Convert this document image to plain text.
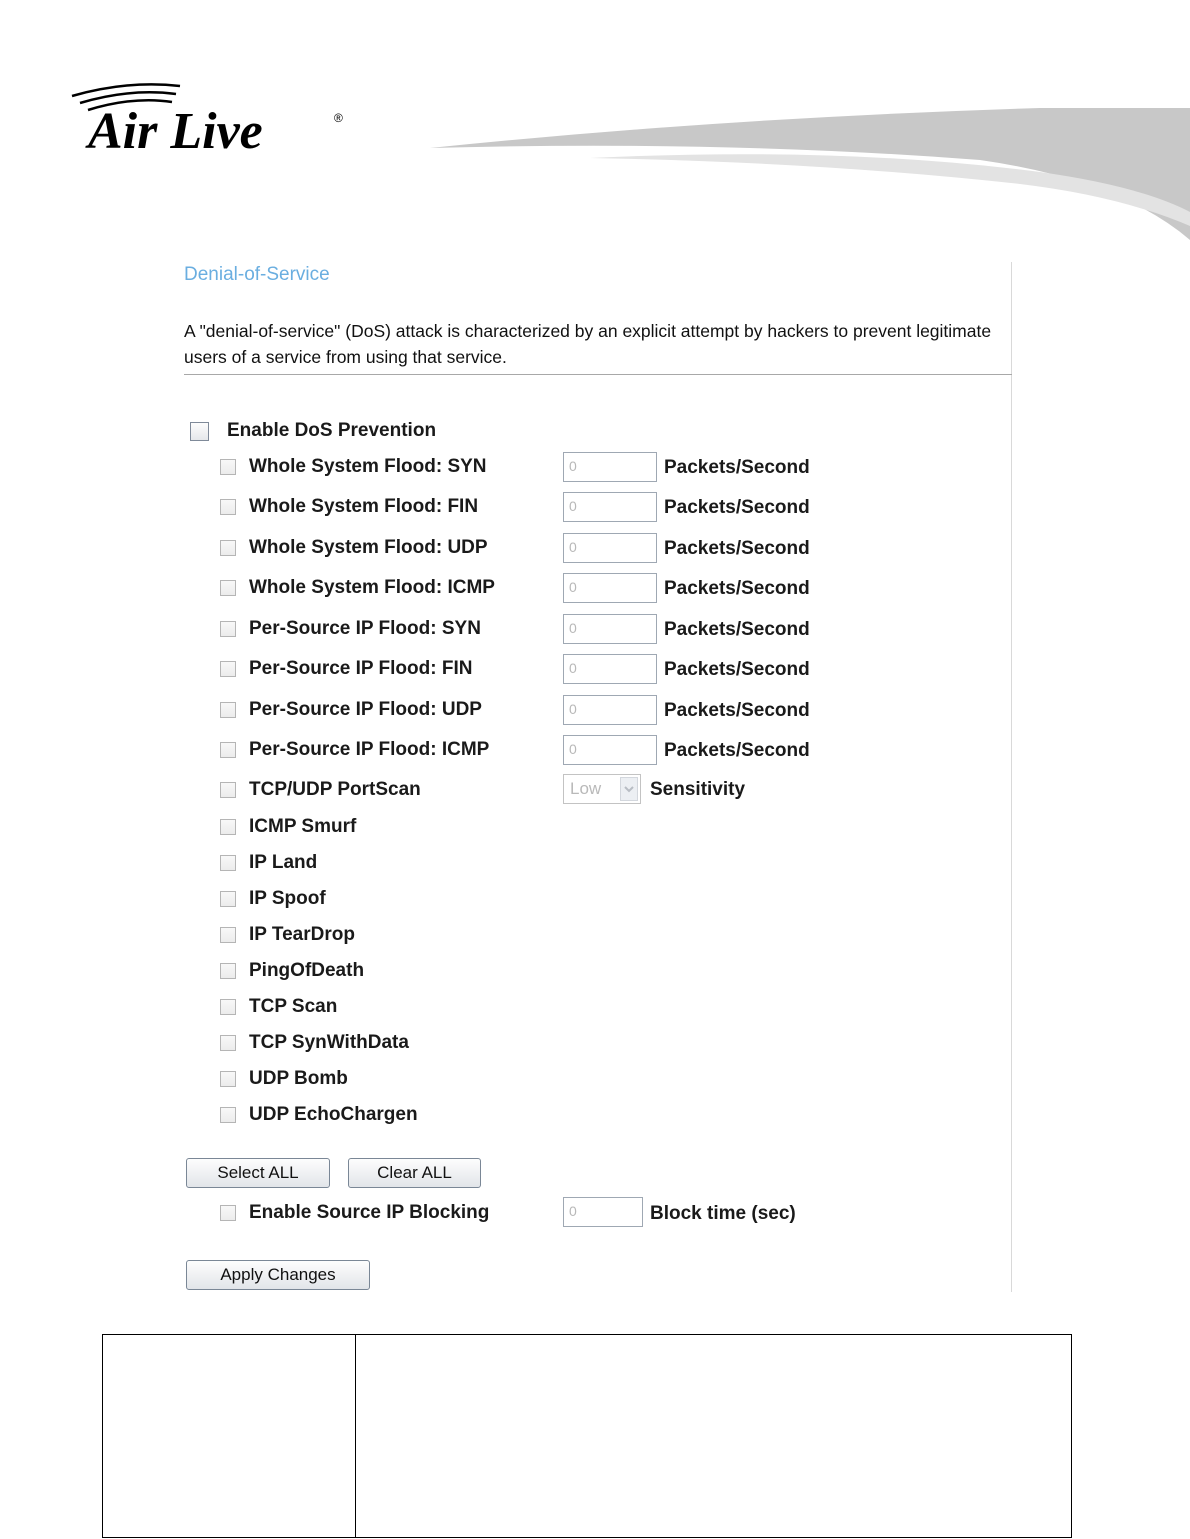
Air Live	®
Denial-of-Service
A "denial-of-service" (DoS) attack is characterized by an explicit attempt by hackers to prevent legitimate users of a service from using that service.
Enable DoS Prevention
Whole System Flood: SYN	0	Packets/Second
Whole System Flood: FIN	0	Packets/Second
Whole System Flood: UDP	0	Packets/Second
Whole System Flood: ICMP	0	Packets/Second
Per-Source IP Flood: SYN	0	Packets/Second
Per-Source IP Flood: FIN	0	Packets/Second
Per-Source IP Flood: UDP	0	Packets/Second
Per-Source IP Flood: ICMP	0	Packets/Second
TCP/UDP PortScan	Low	Sensitivity
ICMP Smurf
IP Land
IP Spoof
IP TearDrop
PingOfDeath
TCP Scan
TCP SynWithData
UDP Bomb
UDP EchoChargen
Select ALL	Clear ALL
Enable Source IP Blocking	0	Block time (sec)
Apply Changes
